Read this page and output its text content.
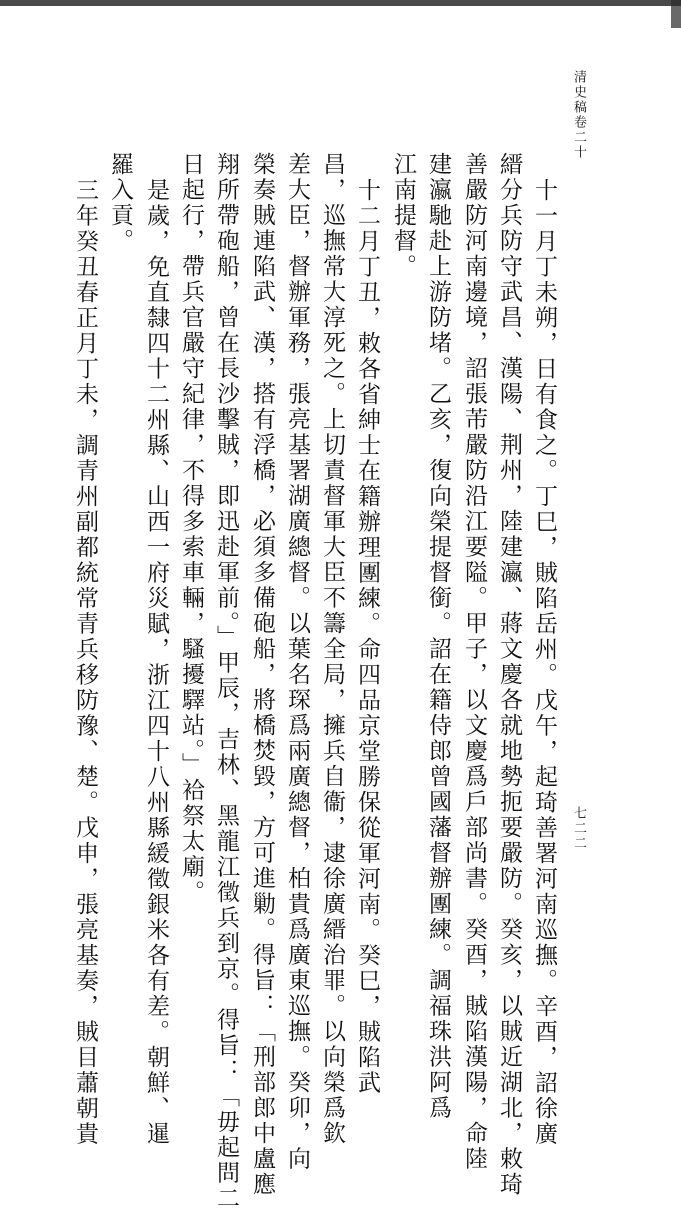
清史稿卷二十
七二二
十一月丁未朔，日有食之。丁巳，賊陷岳州。戊午，起琦善署河南巡撫。辛酉，詔徐廣
縉分兵防守武昌、漢陽、荆州，陸建瀛、蔣文慶各就地勢扼要嚴防。癸亥，以賊近湖北，敕琦
善嚴防河南邊境，詔張芾嚴防沿江要隘。甲子，以文慶爲戶部尚書。癸酉，賊陷漢陽，命陸
建瀛馳赴上游防堵。乙亥，復向榮提督銜。詔在籍侍郎曾國藩督辦團練。調福珠洪阿爲
江南提督。
十二月丁丑，敕各省紳士在籍辦理團練。命四品京堂勝保從軍河南。癸巳，賊陷武
昌，巡撫常大淳死之。上切責督軍大臣不籌全局，擁兵自衞，逮徐廣縉治罪。以向榮爲欽
差大臣，督辦軍務，張亮基署湖廣總督。以葉名琛爲兩廣總督，柏貴爲廣東巡撫。癸卯，向
榮奏賊連陷武、漢，搭有浮橋，必須多備砲船，將橋焚毀，方可進勦。得旨：「刑部郎中盧應
翔所帶砲船，曾在長沙擊賊，即迅赴軍前。」甲辰，吉林、黑龍江徵兵到京。得旨：「毋起問二
日起行，帶兵官嚴守紀律，不得多索車輛，騷擾驛站。」袷祭太廟。
是歲，免直隸四十二州縣、山西一府災賦，浙江四十八州縣緩徵銀米各有差。朝鮮、暹
羅入貢。
三年癸丑春正月丁未，調青州副都統常青兵移防豫、楚。戊申，張亮基奏，賊目蕭朝貴
